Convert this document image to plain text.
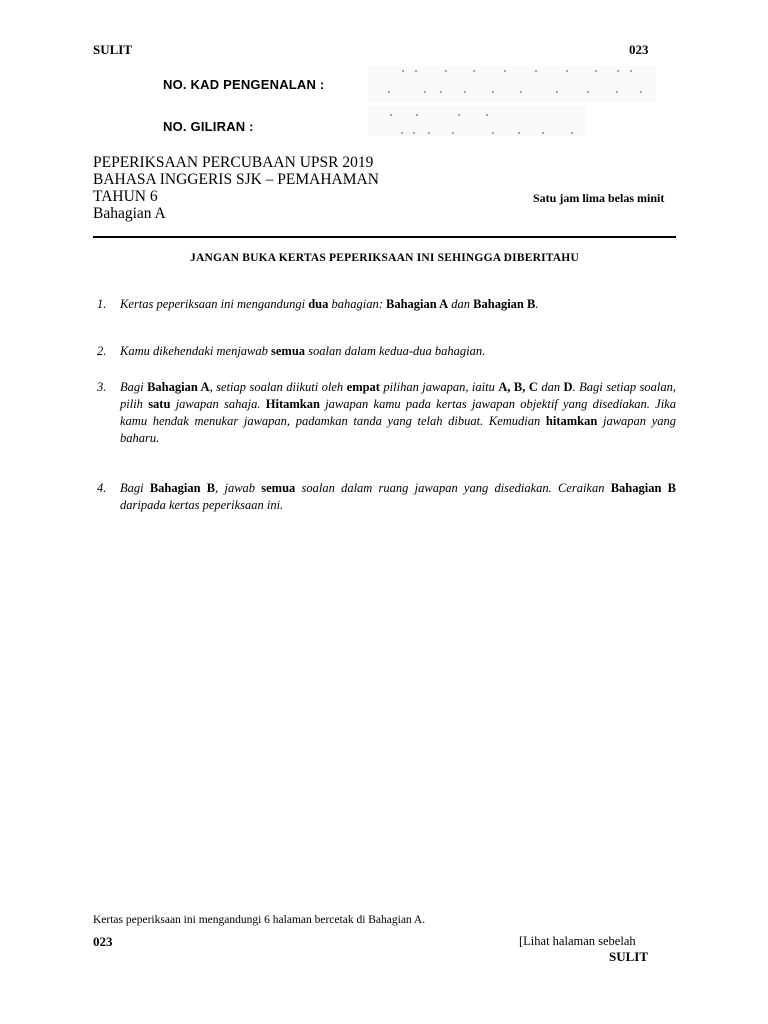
SULIT	023
NO. KAD PENGENALAN :
NO. GILIRAN :
PEPERIKSAAN PERCUBAAN UPSR 2019
BAHASA INGGERIS SJK – PEMAHAMAN
TAHUN 6
Bahagian A
Satu jam lima belas minit
JANGAN BUKA KERTAS PEPERIKSAAN INI SEHINGGA DIBERITAHU
1. Kertas peperiksaan ini mengandungi dua bahagian: Bahagian A dan Bahagian B.
2. Kamu dikehendaki menjawab semua soalan dalam kedua-dua bahagian.
3. Bagi Bahagian A, setiap soalan diikuti oleh empat pilihan jawapan, iaitu A, B, C dan D. Bagi setiap soalan, pilih satu jawapan sahaja. Hitamkan jawapan kamu pada kertas jawapan objektif yang disediakan. Jika kamu hendak menukar jawapan, padamkan tanda yang telah dibuat. Kemudian hitamkan jawapan yang baharu.
4. Bagi Bahagian B, jawab semua soalan dalam ruang jawapan yang disediakan. Ceraikan Bahagian B daripada kertas peperiksaan ini.
Kertas peperiksaan ini mengandungi 6 halaman bercetak di Bahagian A.
023	[Lihat halaman sebelah
SULIT
